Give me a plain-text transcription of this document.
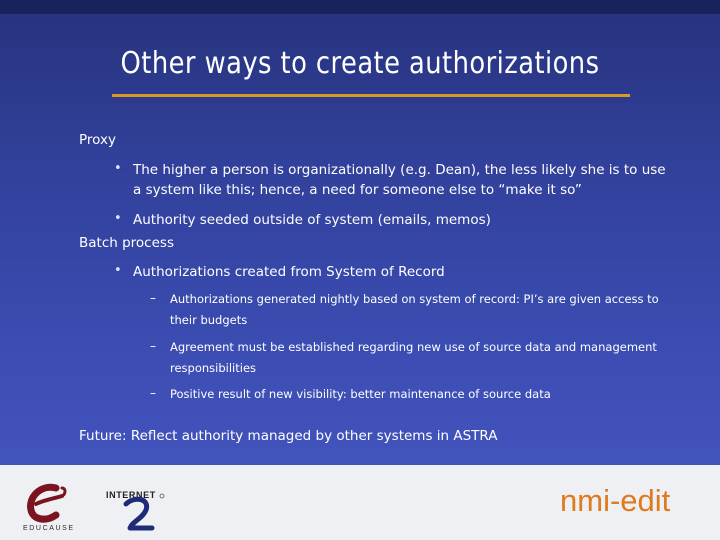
Other ways to create authorizations
Proxy
• The higher a person is organizationally (e.g. Dean), the less likely she is to use a system like this; hence, a need for someone else to “make it so”
• Authority seeded outside of system (emails, memos)
Batch process
• Authorizations created from System of Record
– Authorizations generated nightly based on system of record: PI’s are given access to their budgets
– Agreement must be established regarding new use of source data and management responsibilities
– Positive result of new visibility: better maintenance of source data
Future: Reflect authority managed by other systems in ASTRA
EDUCAUSE
INTERNET	nmi-edit
